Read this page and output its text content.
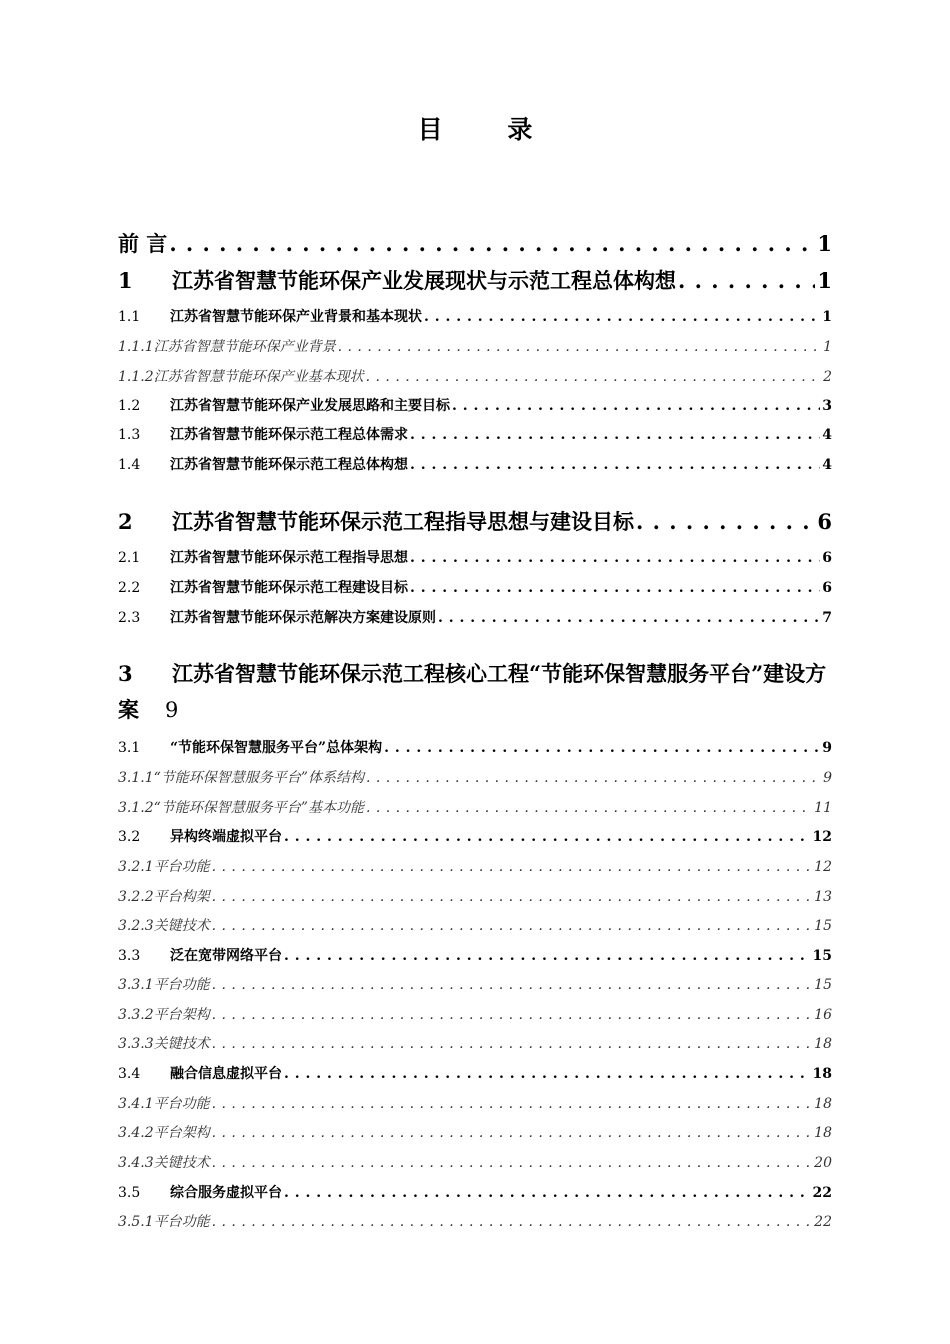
目 录
前 言 . . .	1
1	江苏省智慧节能环保产业发展现状与示范工程总体构想 . . .	1
1.1	江苏省智慧节能环保产业背景和基本现状 . . .	1
1.1.1 江苏省智慧节能环保产业背景 . . .	1
1.1.2 江苏省智慧节能环保产业基本现状 . . .	2
1.2	江苏省智慧节能环保产业发展思路和主要目标 . . .	3
1.3	江苏省智慧节能环保示范工程总体需求 . . .	4
1.4	江苏省智慧节能环保示范工程总体构想 . . .	4
2	江苏省智慧节能环保示范工程指导思想与建设目标 . . .	6
2.1	江苏省智慧节能环保示范工程指导思想 . . .	6
2.2	江苏省智慧节能环保示范工程建设目标 . . .	6
2.3	江苏省智慧节能环保示范解决方案建设原则 . . .	7
3	江苏省智慧节能环保示范工程核心工程“节能环保智慧服务平台”建设方
案 9
3.1	“节能环保智慧服务平台”总体架构 . . .	9
3.1.1 “节能环保智慧服务平台”体系结构 . . .	9
3.1.2 “节能环保智慧服务平台”基本功能 . . .	11
3.2	异构终端虚拟平台 . . .	12
3.2.1 平台功能 . . .	12
3.2.2 平台构架 . . .	13
3.2.3 关键技术 . . .	15
3.3	泛在宽带网络平台 . . .	15
3.3.1 平台功能 . . .	15
3.3.2 平台架构 . . .	16
3.3.3 关键技术 . . .	18
3.4	融合信息虚拟平台 . . .	18
3.4.1 平台功能 . . .	18
3.4.2 平台架构 . . .	18
3.4.3 关键技术 . . .	20
3.5	综合服务虚拟平台 . . .	22
3.5.1 平台功能 . . .	22
